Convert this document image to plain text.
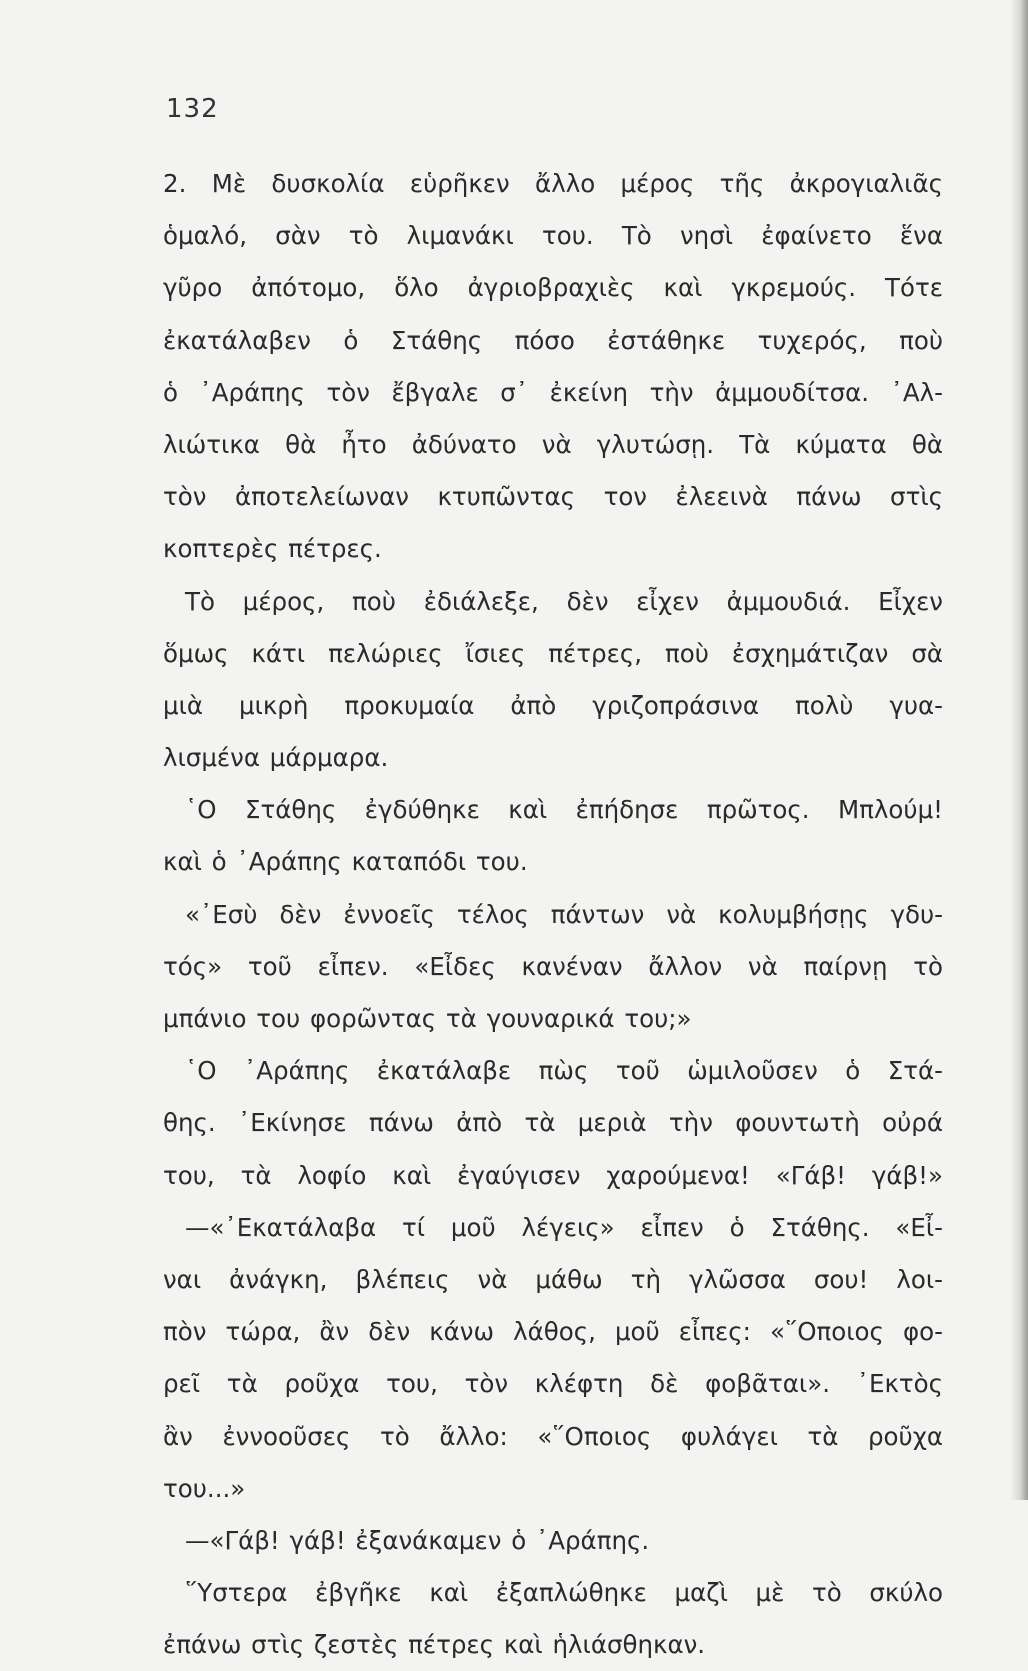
132
2. Μὲ δυσκολία εὑρῆκεν ἄλλο μέρος τῆς ἀκρογιαλιᾶς
ὁμαλό, σὰν τὸ λιμανάκι του. Τὸ νησὶ ἐφαίνετο ἕνα
γῦρο ἀπότομο, ὅλο ἀγριοβραχιὲς καὶ γκρεμούς. Τότε
ἐκατάλαβεν ὁ Στάθης πόσο ἐστάθηκε τυχερός, ποὺ
ὁ ᾿Αράπης τὸν ἔβγαλε σ᾿ ἐκείνη τὴν ἀμμουδίτσα. ᾿Αλ-
λιώτικα θὰ ἦτο ἀδύνατο νὰ γλυτώσῃ. Τὰ κύματα θὰ
τὸν ἀποτελείωναν κτυπῶντας τον ἐλεεινὰ πάνω στὶς
κοπτερὲς πέτρες.
Τὸ μέρος, ποὺ ἐδιάλεξε, δὲν εἶχεν ἀμμουδιά. Εἶχεν
ὅμως κάτι πελώριες ἴσιες πέτρες, ποὺ ἐσχημάτιζαν σὰ
μιὰ μικρὴ προκυμαία ἀπὸ γριζοπράσινα πολὺ γυα-
λισμένα μάρμαρα.
῾Ο Στάθης ἐγδύθηκε καὶ ἐπήδησε πρῶτος. Μπλούμ!
καὶ ὁ ᾿Αράπης καταπόδι του.
«᾿Εσὺ δὲν ἐννοεῖς τέλος πάντων νὰ κολυμβήσῃς γδυ-
τός» τοῦ εἶπεν. «Εἶδες κανέναν ἄλλον νὰ παίρνῃ τὸ
μπάνιο του φορῶντας τὰ γουναρικά του;»
῾Ο ᾿Αράπης ἐκατάλαβε πὼς τοῦ ὡμιλοῦσεν ὁ Στά-
θης. ᾿Εκίνησε πάνω ἀπὸ τὰ μεριὰ τὴν φουντωτὴ οὐρά
του, τὰ λοφίο καὶ ἐγαύγισεν χαρούμενα! «Γάβ! γάβ!»
—«᾿Εκατάλαβα τί μοῦ λέγεις» εἶπεν ὁ Στάθης. «Εἶ-
ναι ἀνάγκη, βλέπεις νὰ μάθω τὴ γλῶσσα σου! λοι-
πὸν τώρα, ἂν δὲν κάνω λάθος, μοῦ εἶπες: «῞Οποιος φο-
ρεῖ τὰ ροῦχα του, τὸν κλέφτη δὲ φοβᾶται». ᾿Εκτὸς
ἂν ἐννοοῦσες τὸ ἄλλο: «῞Οποιος φυλάγει τὰ ροῦχα
του...»
—«Γάβ! γάβ! ἐξανάκαμεν ὁ ᾿Αράπης.
῞Υστερα ἐβγῆκε καὶ ἐξαπλώθηκε μαζὶ μὲ τὸ σκύλο
ἐπάνω στὶς ζεστὲς πέτρες καὶ ἡλιάσθηκαν.
